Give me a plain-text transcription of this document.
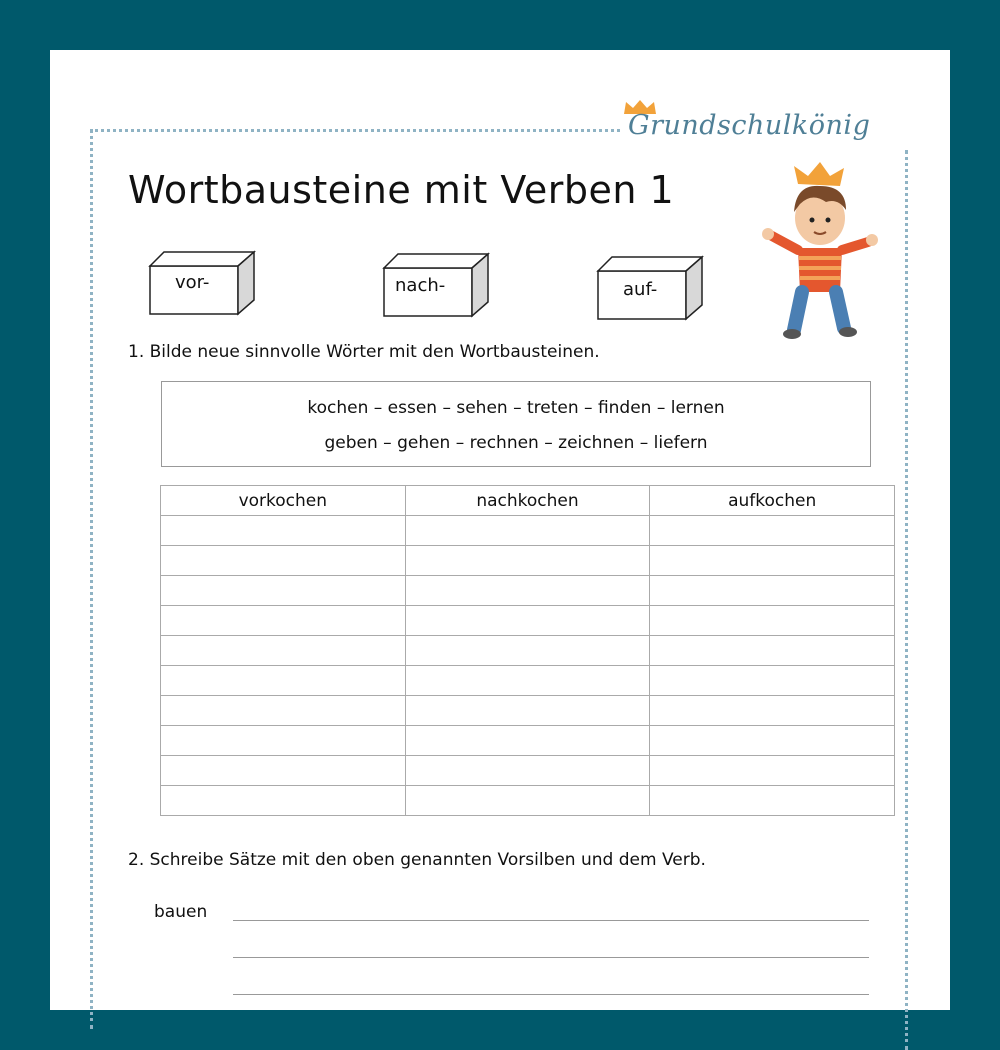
Grundschulkönig
Wortbausteine mit Verben 1
vor-	nach-	auf-
1. Bilde neue sinnvolle Wörter mit den Wortbausteinen.
kochen – essen – sehen – treten – finden – lernen
geben – gehen – rechnen – zeichnen – liefern
vorkochen	nachkochen	aufkochen

2. Schreibe Sätze mit den oben genannten Vorsilben und dem Verb.
bauen
